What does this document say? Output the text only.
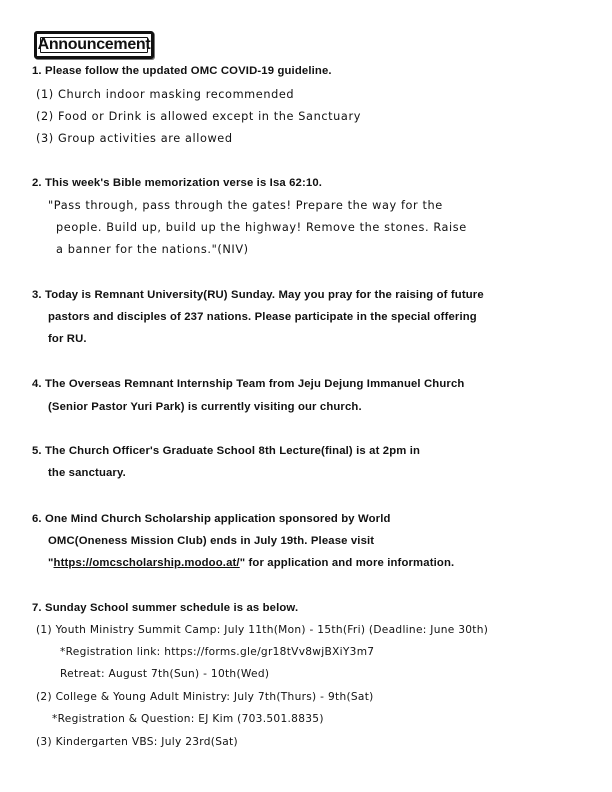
Announcement
1. Please follow the updated OMC COVID-19 guideline.
(1) Church indoor masking recommended
(2) Food or Drink is allowed except in the Sanctuary
(3) Group activities are allowed
2. This week's Bible memorization verse is Isa 62:10.
"Pass through, pass through the gates! Prepare the way for the
people. Build up, build up the highway! Remove the stones. Raise
a banner for the nations."(NIV)
3. Today is Remnant University(RU) Sunday. May you pray for the raising of future
pastors and disciples of 237 nations. Please participate in the special offering
for RU.
4. The Overseas Remnant Internship Team from Jeju Dejung Immanuel Church
(Senior Pastor Yuri Park) is currently visiting our church.
5. The Church Officer's Graduate School 8th Lecture(final) is at 2pm in
the sanctuary.
6. One Mind Church Scholarship application sponsored by World
OMC(Oneness Mission Club) ends in July 19th. Please visit
"https://omcscholarship.modoo.at/" for application and more information.
7. Sunday School summer schedule is as below.
(1) Youth Ministry Summit Camp: July 11th(Mon) - 15th(Fri) (Deadline: June 30th)
*Registration link: https://forms.gle/gr18tVv8wjBXiY3m7
Retreat: August 7th(Sun) - 10th(Wed)
(2) College & Young Adult Ministry: July 7th(Thurs) - 9th(Sat)
*Registration & Question: EJ Kim (703.501.8835)
(3) Kindergarten VBS: July 23rd(Sat)
